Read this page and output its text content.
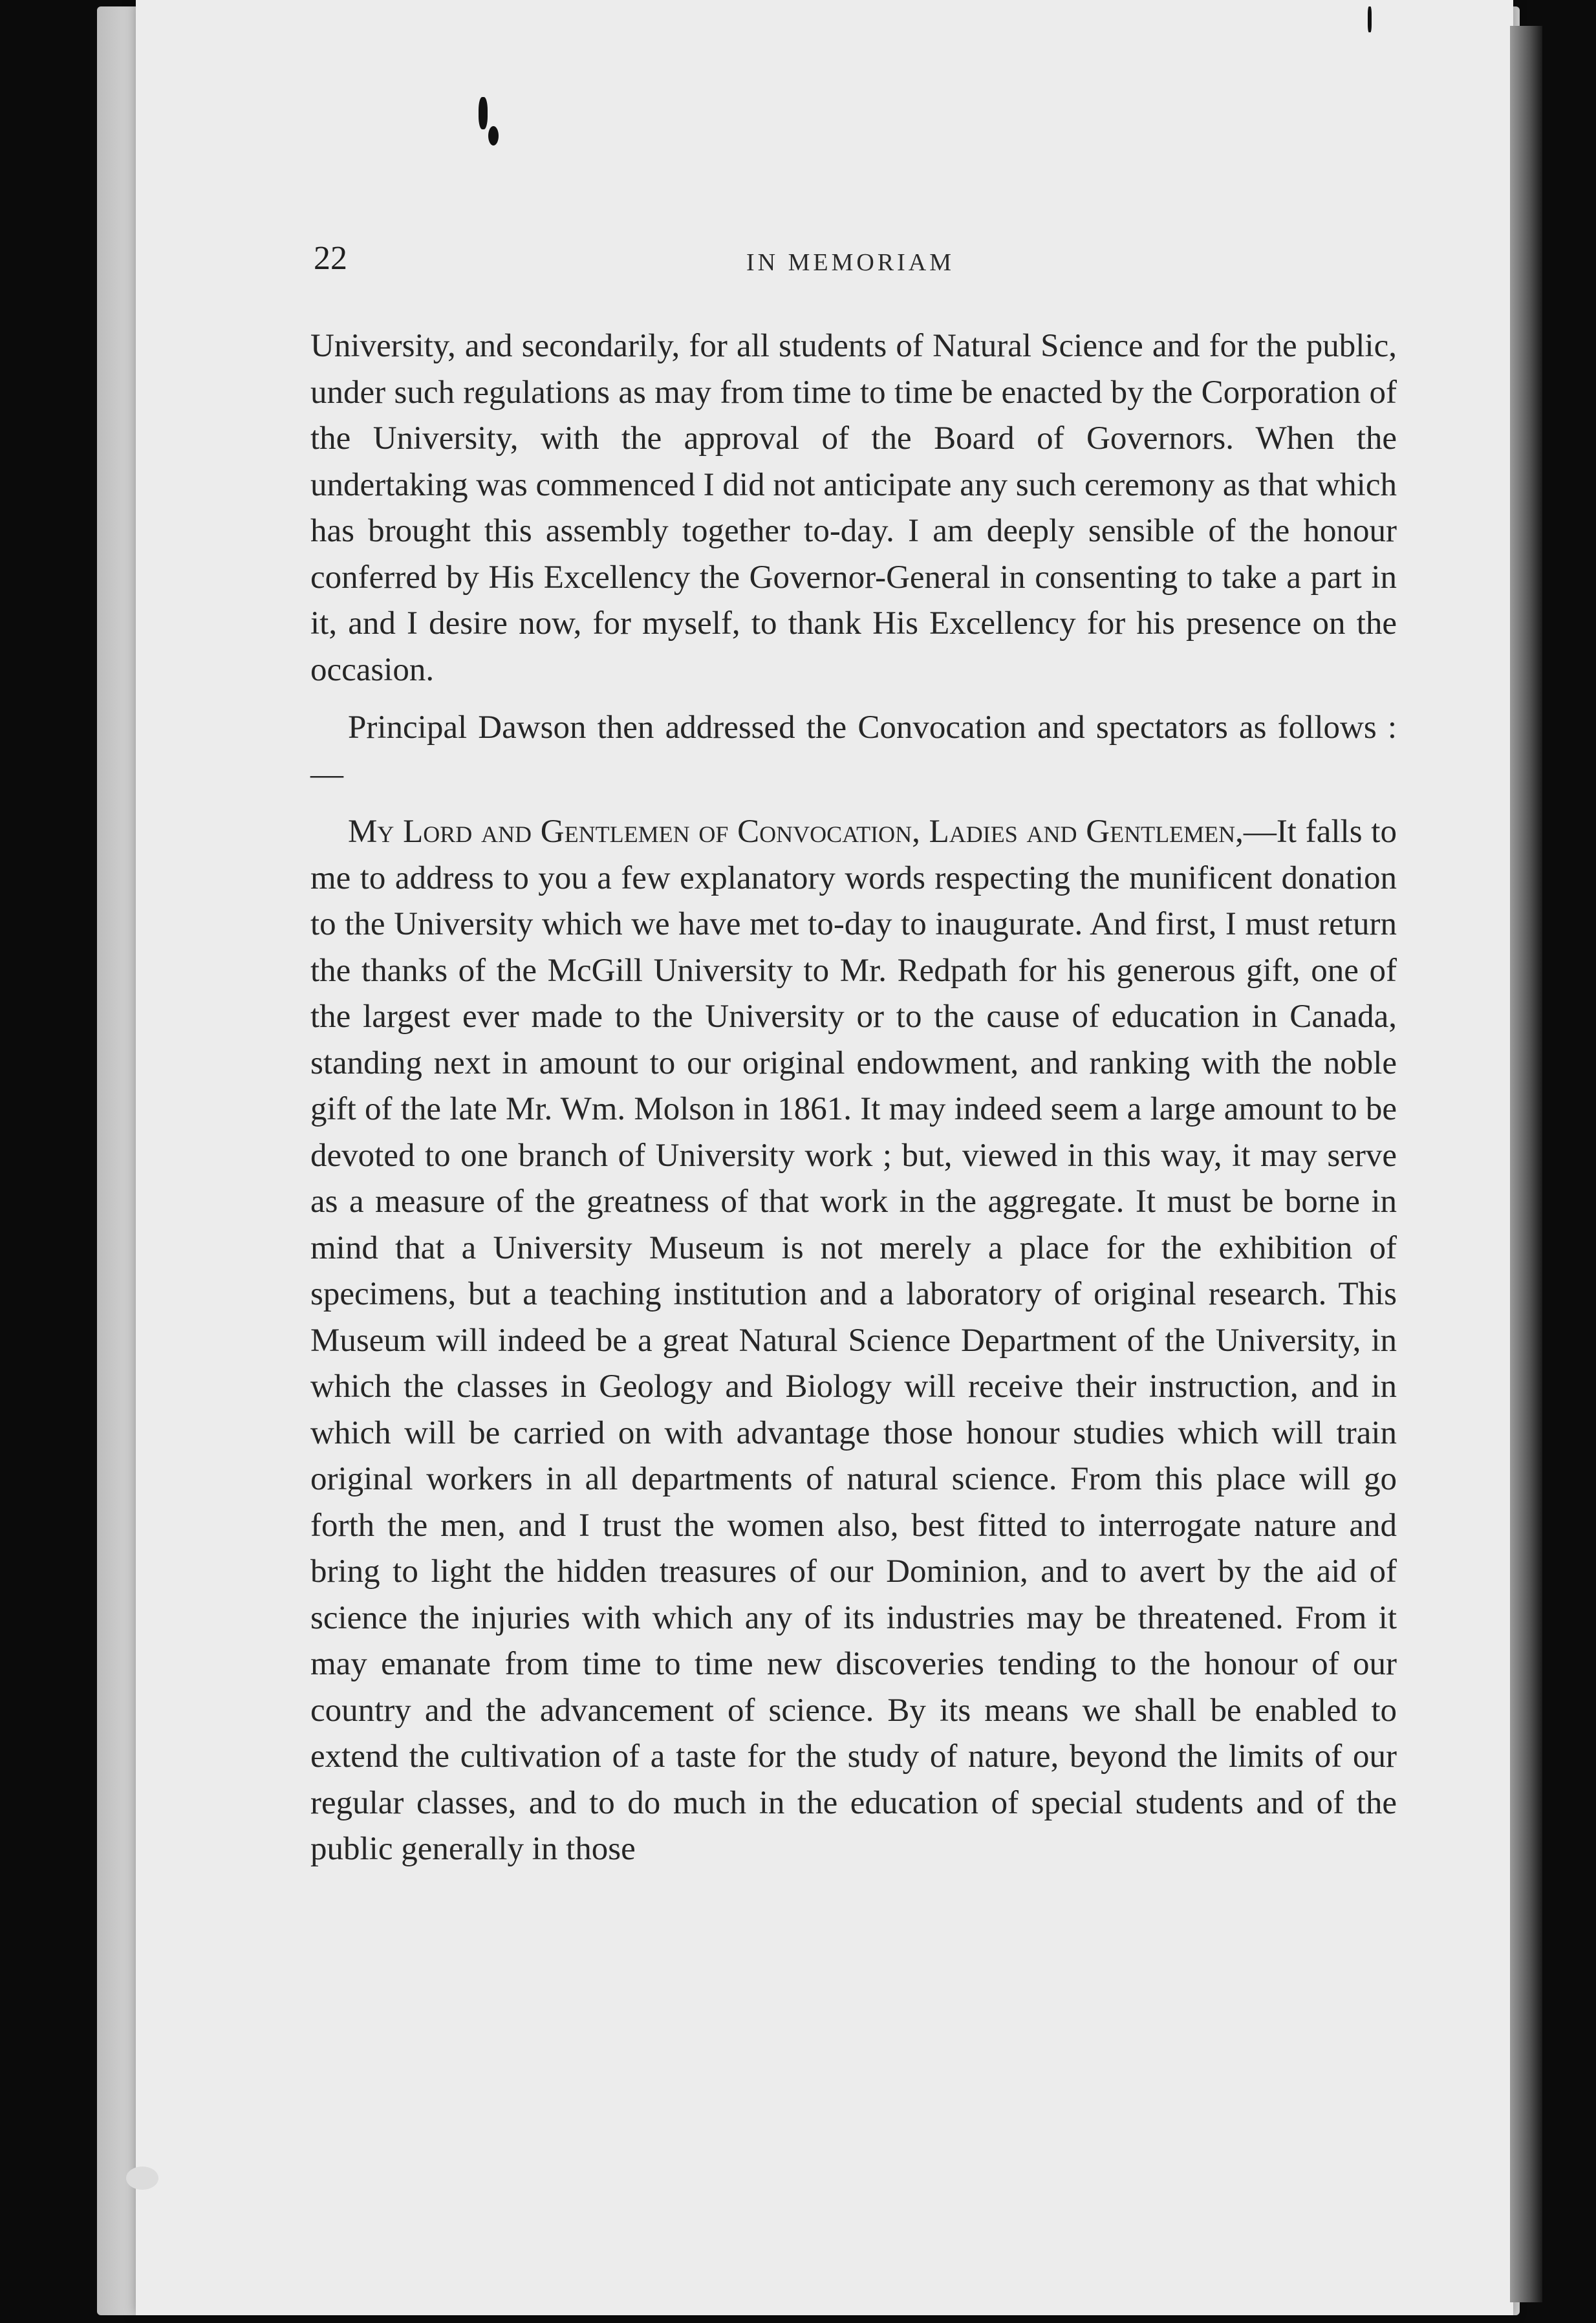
22	IN MEMORIAM

University, and secondarily, for all students of Natural Science and for the public, under such regulations as may from time to time be enacted by the Corporation of the University, with the approval of the Board of Governors. When the undertaking was commenced I did not anticipate any such ceremony as that which has brought this assembly together to-day. I am deeply sensible of the honour conferred by His Excellency the Governor-General in consenting to take a part in it, and I desire now, for myself, to thank His Excellency for his presence on the occasion.

Principal Dawson then addressed the Convocation and spectators as follows :—

My Lord and Gentlemen of Convocation, Ladies and Gentlemen,—It falls to me to address to you a few explanatory words respecting the munificent donation to the University which we have met to-day to inaugurate. And first, I must return the thanks of the McGill University to Mr. Redpath for his generous gift, one of the largest ever made to the University or to the cause of education in Canada, standing next in amount to our original endowment, and ranking with the noble gift of the late Mr. Wm. Molson in 1861. It may indeed seem a large amount to be devoted to one branch of University work ; but, viewed in this way, it may serve as a measure of the greatness of that work in the aggregate. It must be borne in mind that a University Museum is not merely a place for the exhibition of specimens, but a teaching institution and a laboratory of original research. This Museum will indeed be a great Natural Science Department of the University, in which the classes in Geology and Biology will receive their instruction, and in which will be carried on with advantage those honour studies which will train original workers in all departments of natural science. From this place will go forth the men, and I trust the women also, best fitted to interrogate nature and bring to light the hidden treasures of our Dominion, and to avert by the aid of science the injuries with which any of its industries may be threatened. From it may emanate from time to time new discoveries tending to the honour of our country and the advancement of science. By its means we shall be enabled to extend the cultivation of a taste for the study of nature, beyond the limits of our regular classes, and to do much in the education of special students and of the public generally in those
